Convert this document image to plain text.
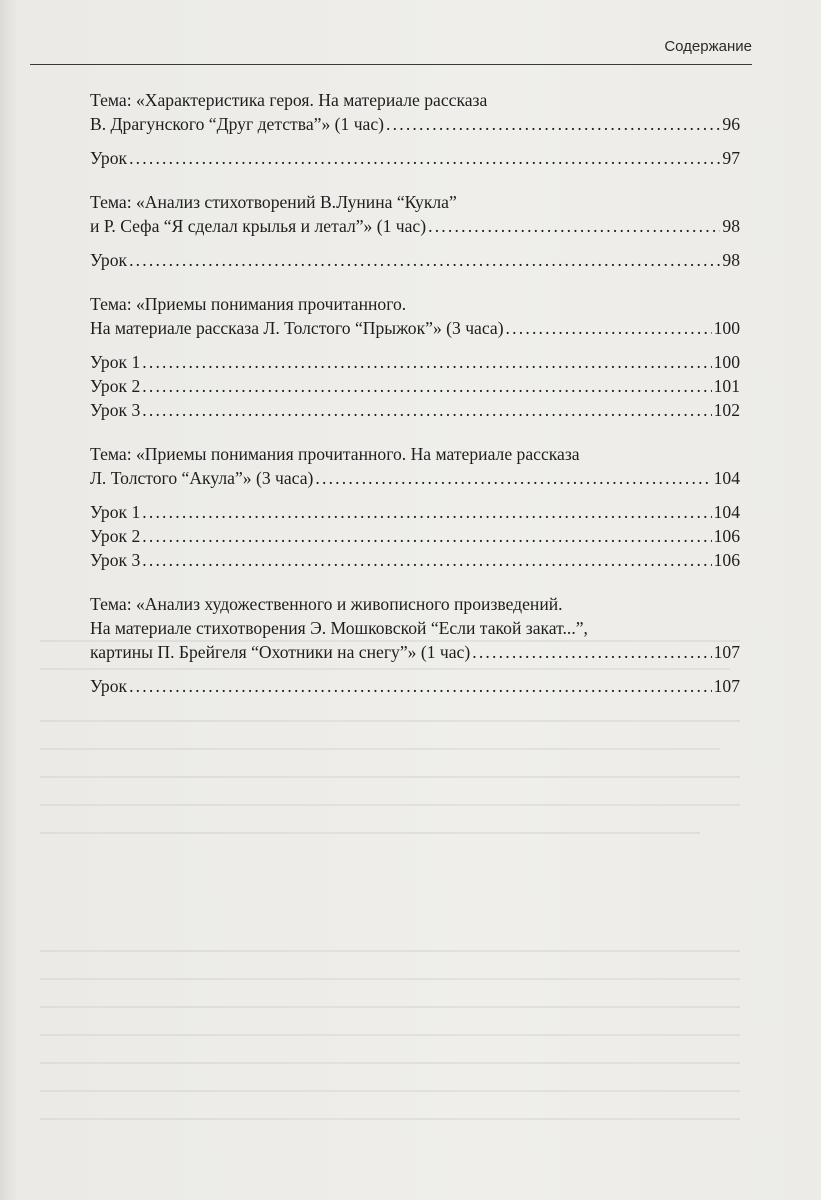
Содержание
Тема: «Характеристика героя. На материале рассказа
В. Драгунского “Друг детства”» (1 час) .....	96
Урок .....	97
Тема: «Анализ стихотворений В.Лунина “Кукла”
и Р. Сефа “Я сделал крылья и летал”» (1 час) .....	98
Урок .....	98
Тема: «Приемы понимания прочитанного.
На материале рассказа Л. Толстого “Прыжок”» (3 часа) .....	100
Урок 1 .....	100
Урок 2 .....	101
Урок 3 .....	102
Тема: «Приемы понимания прочитанного. На материале рассказа
Л. Толстого “Акула”» (3 часа) .....	104
Урок 1 .....	104
Урок 2 .....	106
Урок 3 .....	106
Тема: «Анализ художественного и живописного произведений.
На материале стихотворения Э. Мошковской “Если такой закат...”,
картины П. Брейгеля “Охотники на снегу”» (1 час) .....	107
Урок .....	107
